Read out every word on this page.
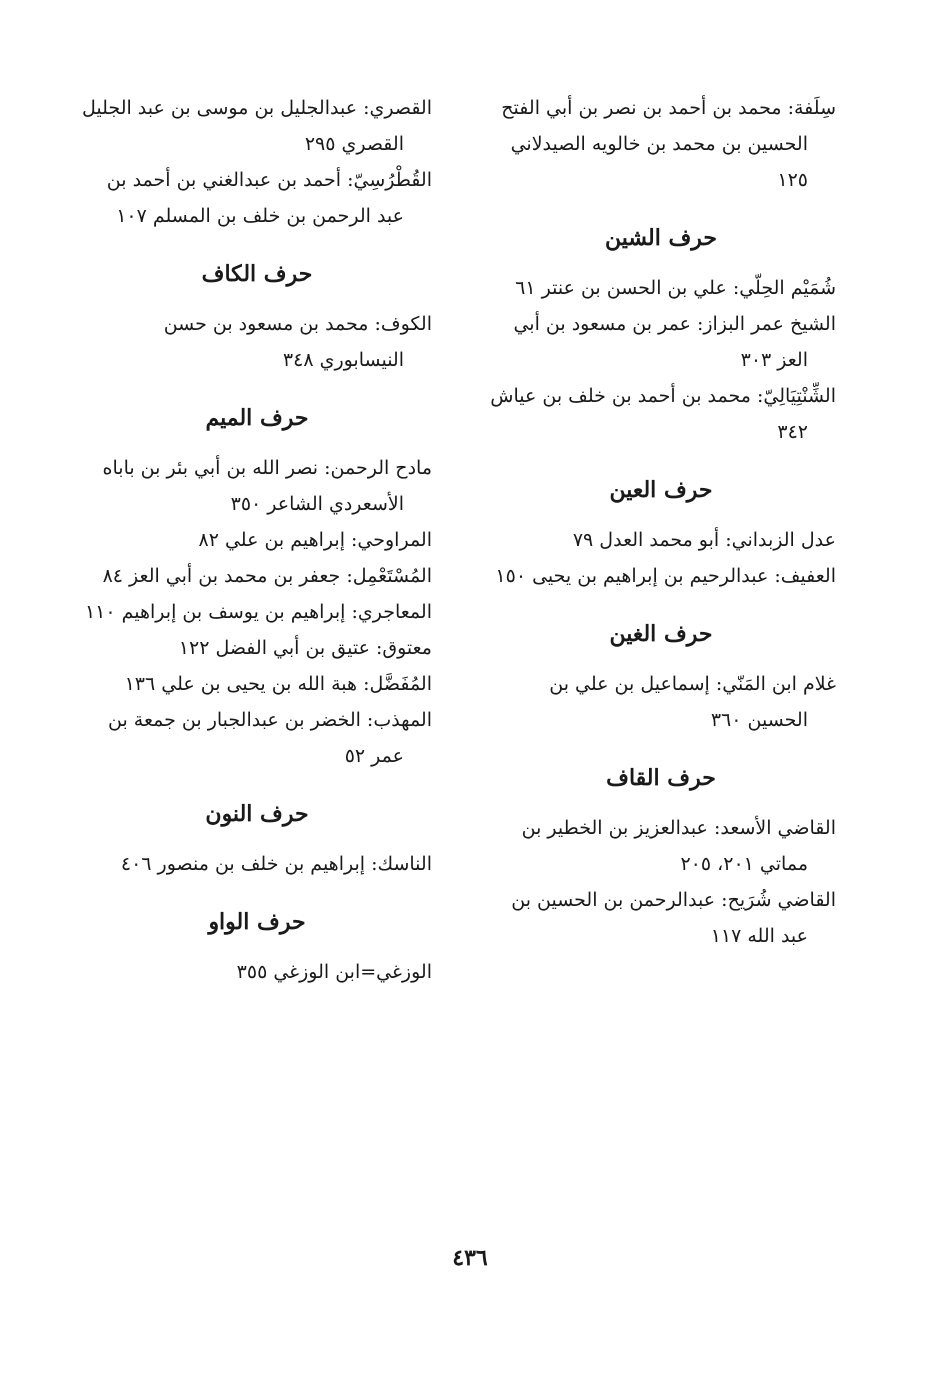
سِلَفة: محمد بن أحمد بن نصر بن أبي الفتح الحسين بن محمد بن خالويه الصيدلاني ١٢٥

حرف الشين

شُمَيْم الحِلّي: علي بن الحسن بن عنتر ٦١

الشيخ عمر البزاز: عمر بن مسعود بن أبي العز ٣٠٣

الشِّنْتِيَالِيّ: محمد بن أحمد بن خلف بن عياش ٣٤٢

حرف العين

عدل الزبداني: أبو محمد العدل ٧٩

العفيف: عبدالرحيم بن إبراهيم بن يحيى ١٥٠

حرف الغين

غلام ابن المَنّي: إسماعيل بن علي بن الحسين ٣٦٠

حرف القاف

القاضي الأسعد: عبدالعزيز بن الخطير بن مماتي ٢٠١، ٢٠٥

القاضي شُرَيح: عبدالرحمن بن الحسين بن عبد الله ١١٧

القصري: عبدالجليل بن موسى بن عبد الجليل القصري ٢٩٥

القُطْرُسِيّ: أحمد بن عبدالغني بن أحمد بن عبد الرحمن بن خلف بن المسلم ١٠٧

حرف الكاف

الكوف: محمد بن مسعود بن حسن النيسابوري ٣٤٨

حرف الميم

مادح الرحمن: نصر الله بن أبي بئر بن باباه الأسعردي الشاعر ٣٥٠

المراوحي: إبراهيم بن علي ٨٢

المُسْتَعْمِل: جعفر بن محمد بن أبي العز ٨٤

المعاجري: إبراهيم بن يوسف بن إبراهيم ١١٠

معتوق: عتيق بن أبي الفضل ١٢٢

المُفَضَّل: هبة الله بن يحيى بن علي ١٣٦

المهذب: الخضر بن عبدالجبار بن جمعة بن عمر ٥٢

حرف النون

الناسك: إبراهيم بن خلف بن منصور ٤٠٦

حرف الواو

الوزغي=ابن الوزغي ٣٥٥

٤٣٦
